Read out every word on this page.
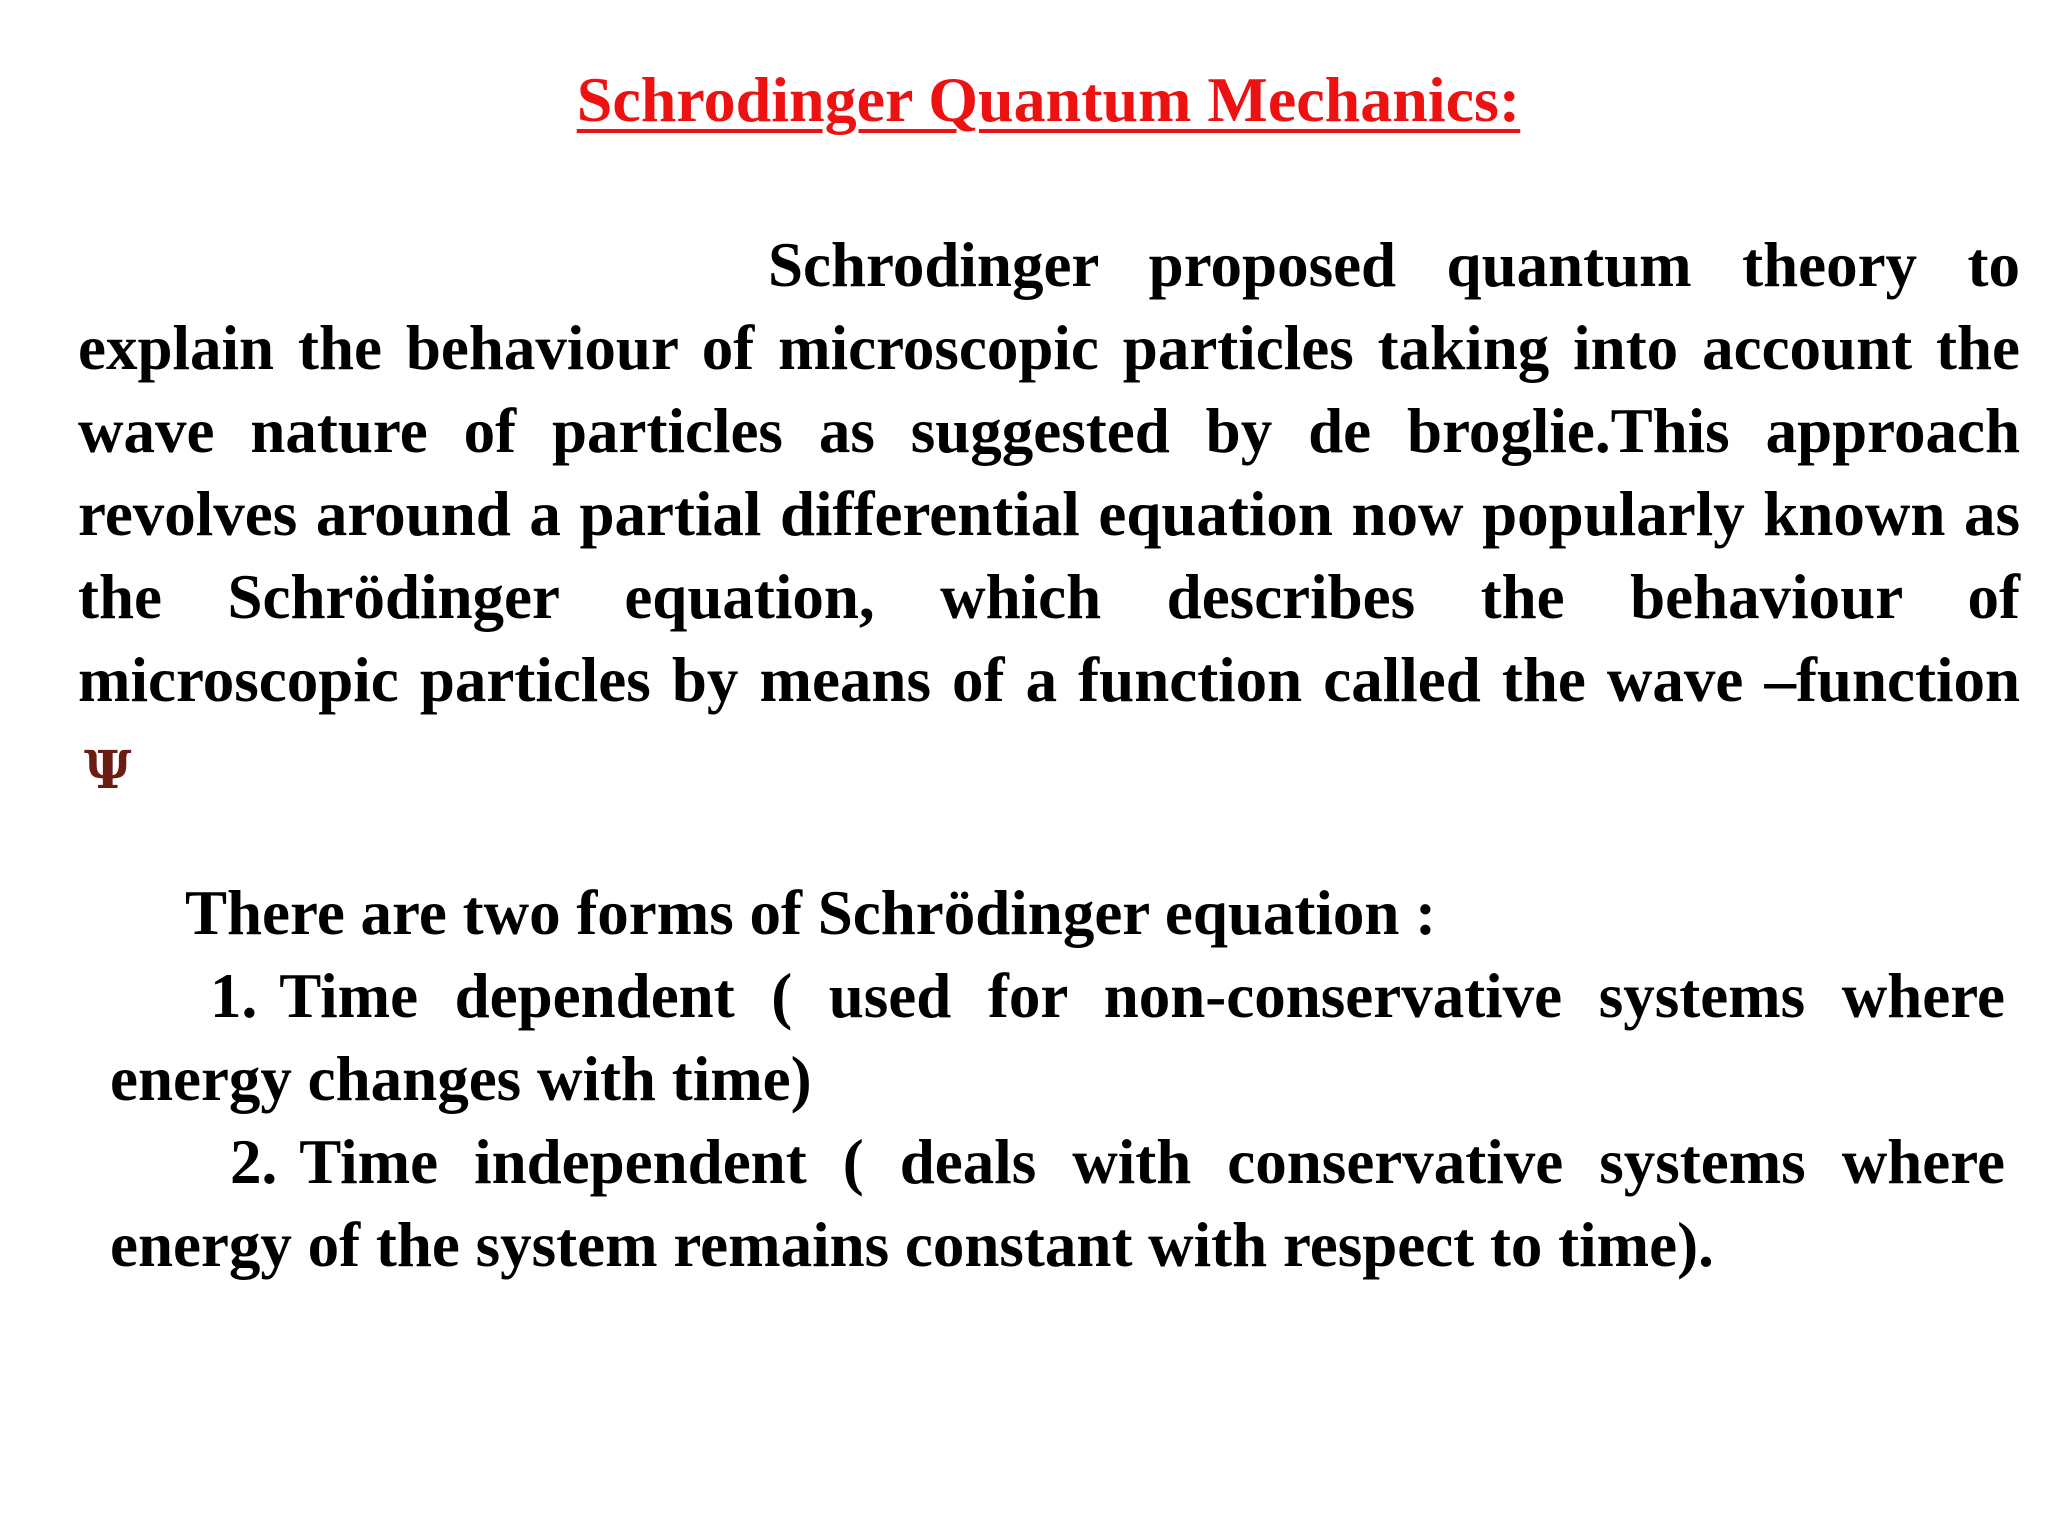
Schrodinger Quantum Mechanics:

Schrodinger proposed quantum theory to explain the behaviour of microscopic particles taking into account the wave nature of particles as suggested by de broglie.This approach revolves around a partial differential equation now popularly known as the Schrödinger equation, which describes the behaviour of microscopic particles by means of a function called the wave –functionΨ

There are two forms of Schrödinger equation :

1. Time dependent ( used for non-conservative systems where energy changes with time)
2. Time independent ( deals with conservative systems where energy of the system remains constant with respect to time).
